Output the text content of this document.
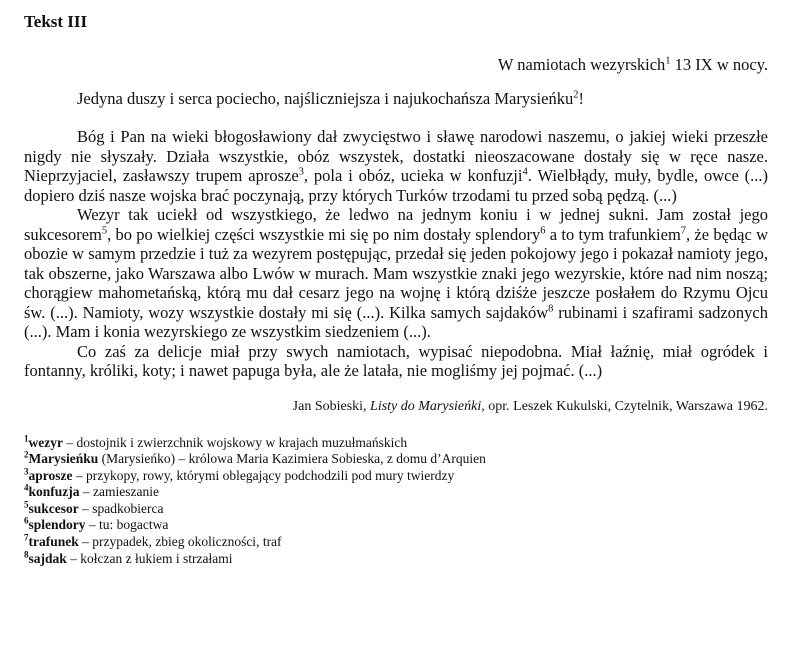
Tekst III
W namiotach wezyrskich$^1$ 13 IX w nocy.
Jedyna duszy i serca pociecho, najśliczniejsza i najukochańsza Marysieńku$^2$!

Bóg i Pan na wieki błogosławiony dał zwycięstwo i sławę narodowi naszemu, o jakiej wieki przeszłe nigdy nie słyszały. Działa wszystkie, obóz wszystek, dostatki nieoszacowane dostały się w ręce nasze. Nieprzyjaciel, zasławszy trupem aprosze$^3$, pola i obóz, ucieka w konfuzji$^4$. Wielbłądy, muły, bydle, owce (...) dopiero dziś nasze wojska brać poczynają, przy których Turków trzodami tu przed sobą pędzą. (...)

Wezyr tak uciekł od wszystkiego, że ledwo na jednym koniu i w jednej sukni. Jam został jego sukcesorem$^5$, bo po wielkiej części wszystkie mi się po nim dostały splendory$^6$ a to tym trafunkiem$^7$, że będąc w obozie w samym przedzie i tuż za wezyrem postępując, przedał się jeden pokojowy jego i pokazał namioty jego, tak obszerne, jako Warszawa albo Lwów w murach. Mam wszystkie znaki jego wezyrskie, które nad nim noszą; chorągiew mahometańską, którą mu dał cesarz jego na wojnę i którą dziśże jeszcze posłałem do Rzymu Ojcu św. (...). Namioty, wozy wszystkie dostały mi się (...). Kilka samych sajdaków$^8$ rubinami i szafirami sadzonych (...). Mam i konia wezyrskiego ze wszystkim siedzeniem (...).

Co zaś za delicje miał przy swych namiotach, wypisać niepodobna. Miał łaźnię, miał ogródek i fontanny, króliki, koty; i nawet papuga była, ale że latała, nie mogliśmy jej pojmać. (...)

Jan Sobieski, Listy do Marysieńki, opr. Leszek Kukulski, Czytelnik, Warszawa 1962.
$^1$wezyr – dostojnik i zwierzchnik wojskowy w krajach muzułmańskich
$^2$Marysieńku (Marysieńko) – królowa Maria Kazimiera Sobieska, z domu d’Arquien
$^3$aprosze – przykopy, rowy, którymi oblegający podchodzili pod mury twierdzy
$^4$konfuzja – zamieszanie
$^5$sukcesor – spadkobierca
$^6$splendory – tu: bogactwa
$^7$trafunek – przypadek, zbieg okoliczności, traf
$^8$sajdak – kołczan z łukiem i strzałami
